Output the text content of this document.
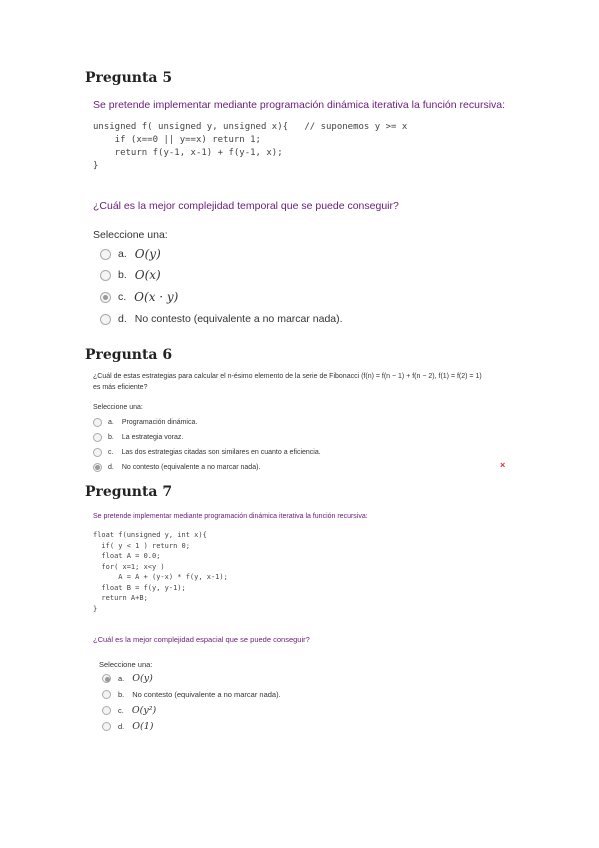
Pregunta 5
Se pretende implementar mediante programación dinámica iterativa la función recursiva:
unsigned f( unsigned y, unsigned x){   // suponemos y >= x
if (x==0 || y==x) return 1;
return f(y-1, x-1) + f(y-1, x);
}
¿Cuál es la mejor complejidad temporal que se puede conseguir?
Seleccione una:
a. O(y)
b. O(x)
c. O(x · y)
d. No contesto (equivalente a no marcar nada).
Pregunta 6
¿Cuál de estas estrategias para calcular el n-ésimo elemento de la serie de Fibonacci (f(n) = f(n − 1) + f(n − 2), f(1) = f(2) = 1)
es más eficiente?
Seleccione una:
a. Programación dinámica.
b. La estrategia voraz.
c. Las dos estrategias citadas son similares en cuanto a eficiencia.
d. No contesto (equivalente a no marcar nada).	×
Pregunta 7
Se pretende implementar mediante programación dinámica iterativa la función recursiva:
float f(unsigned y, int x){
if( y < 1 ) return 0;
float A = 0.0;
for( x=1; x<y )
A = A + (y-x) * f(y, x-1);
float B = f(y, y-1);
return A+B;
}
¿Cuál es la mejor complejidad espacial que se puede conseguir?
Seleccione una:
a. O(y)
b. No contesto (equivalente a no marcar nada).
c. O(y²)
d. O(1)
